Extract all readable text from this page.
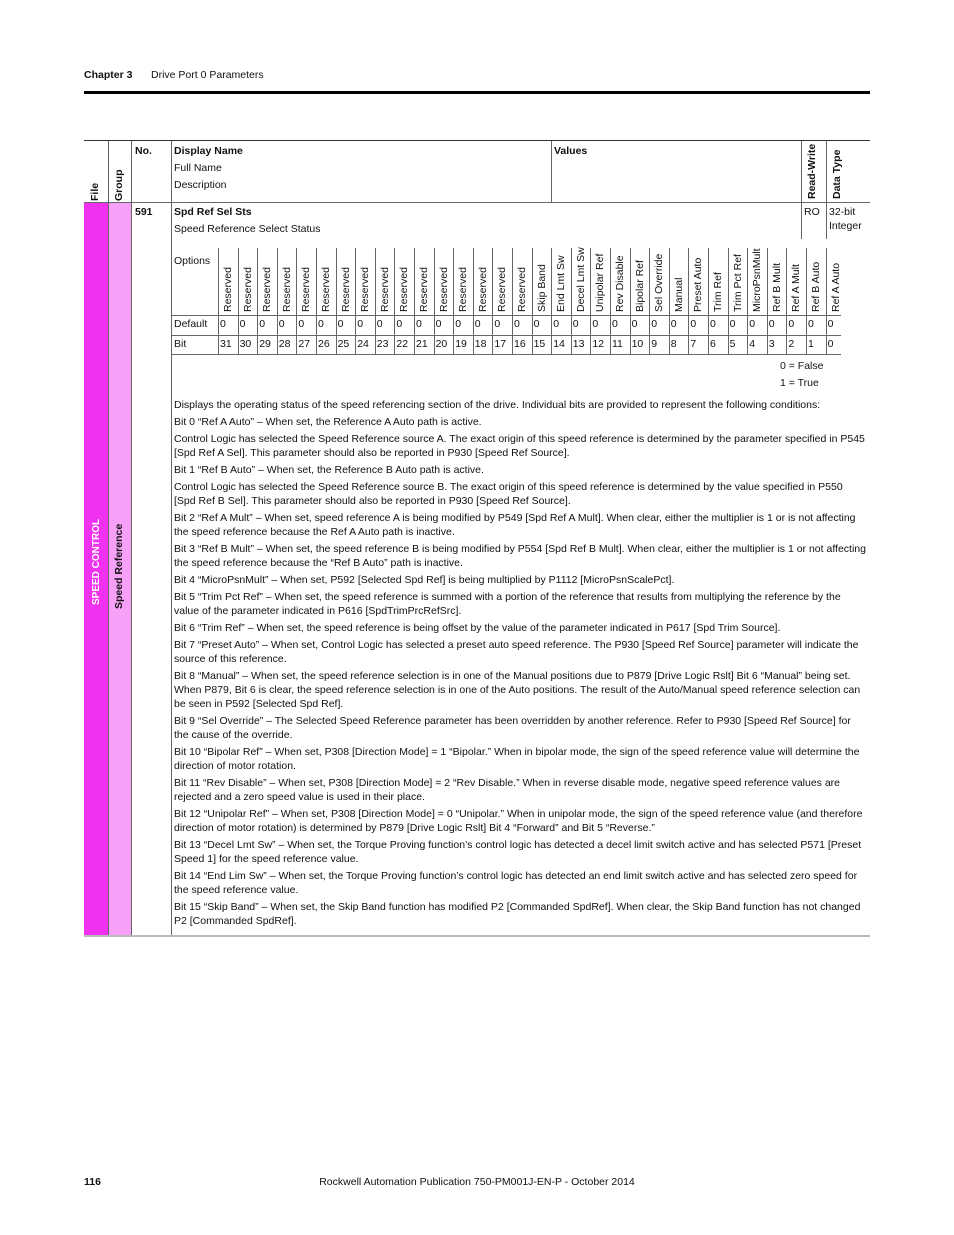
Chapter 3 Drive Port 0 Parameters
File Group
No. Display Name
Full Name
Description
Values	Read-Write Data Type
SPEED CONTROL Speed Reference
591 Spd Ref Sel Sts
Speed Reference Select Status
RO 32-bit
Integer
Options
Default
Bit
Reserved
0
31
Reserved
0
30
Reserved
0
29
Reserved
0
28
Reserved
0
27
Reserved
0
26
Reserved
0
25
Reserved
0
24
Reserved
0
23
Reserved
0
22
Reserved
0
21
Reserved
0
20
Reserved
0
19
Reserved
0
18
Reserved
0
17
Reserved
0
16
Skip Band
0
15
End Lmt Sw
0
14
Decel Lmt Sw
0
13
Unipolar Ref
0
12
Rev Disable
0
11
Bipolar Ref
0
10
Sel Override
0
9
Manual
0
8
Preset Auto
0
7
Trim Ref
0
6
Trim Pct Ref
0
5
MicroPsnMult
0
4
Ref B Mult
0
3
Ref A Mult
0
2
Ref B Auto
0
1
Ref A Auto
0
0
0 = False
1 = True

Displays the operating status of the speed referencing section of the drive. Individual bits are provided to represent the following conditions:

Bit 0 “Ref A Auto” – When set, the Reference A Auto path is active.

Control Logic has selected the Speed Reference source A. The exact origin of this speed reference is determined by the parameter specified in P545 [Spd Ref A Sel]. This parameter should also be reported in P930 [Speed Ref Source].

Bit 1 “Ref B Auto” – When set, the Reference B Auto path is active.

Control Logic has selected the Speed Reference source B. The exact origin of this speed reference is determined by the value specified in P550 [Spd Ref B Sel]. This parameter should also be reported in P930 [Speed Ref Source].

Bit 2 “Ref A Mult” – When set, speed reference A is being modified by P549 [Spd Ref A Mult]. When clear, either the multiplier is 1 or is not affecting the speed reference because the Ref A Auto path is inactive.

Bit 3 “Ref B Mult” – When set, the speed reference B is being modified by P554 [Spd Ref B Mult]. When clear, either the multiplier is 1 or not affecting the speed reference because the “Ref B Auto” path is inactive.

Bit 4 “MicroPsnMult” – When set, P592 [Selected Spd Ref] is being multiplied by P1112 [MicroPsnScalePct].

Bit 5 “Trim Pct Ref” – When set, the speed reference is summed with a portion of the reference that results from multiplying the reference by the value of the parameter indicated in P616 [SpdTrimPrcRefSrc].

Bit 6 “Trim Ref” – When set, the speed reference is being offset by the value of the parameter indicated in P617 [Spd Trim Source].

Bit 7 “Preset Auto” – When set, Control Logic has selected a preset auto speed reference. The P930 [Speed Ref Source] parameter will indicate the source of this reference.

Bit 8 “Manual” – When set, the speed reference selection is in one of the Manual positions due to P879 [Drive Logic Rslt] Bit 6 “Manual” being set. When P879, Bit 6 is clear, the speed reference selection is in one of the Auto positions. The result of the Auto/Manual speed reference selection can be seen in P592 [Selected Spd Ref].

Bit 9 “Sel Override” – The Selected Speed Reference parameter has been overridden by another reference. Refer to P930 [Speed Ref Source] for the cause of the override.

Bit 10 “Bipolar Ref” – When set, P308 [Direction Mode] = 1 “Bipolar.” When in bipolar mode, the sign of the speed reference value will determine the direction of motor rotation.

Bit 11 “Rev Disable” – When set, P308 [Direction Mode] = 2 “Rev Disable.” When in reverse disable mode, negative speed reference values are rejected and a zero speed value is used in their place.

Bit 12 “Unipolar Ref” – When set, P308 [Direction Mode] = 0 “Unipolar.” When in unipolar mode, the sign of the speed reference value (and therefore direction of motor rotation) is determined by P879 [Drive Logic Rslt] Bit 4 “Forward” and Bit 5 “Reverse.”

Bit 13 “Decel Lmt Sw” – When set, the Torque Proving function’s control logic has detected a decel limit switch active and has selected P571 [Preset Speed 1] for the speed reference value.

Bit 14 “End Lim Sw” – When set, the Torque Proving function’s control logic has detected an end limit switch active and has selected zero speed for the speed reference value.

Bit 15 “Skip Band” – When set, the Skip Band function has modified P2 [Commanded SpdRef]. When clear, the Skip Band function has not changed P2 [Commanded SpdRef].

116	Rockwell Automation Publication 750-PM001J-EN-P - October 2014
